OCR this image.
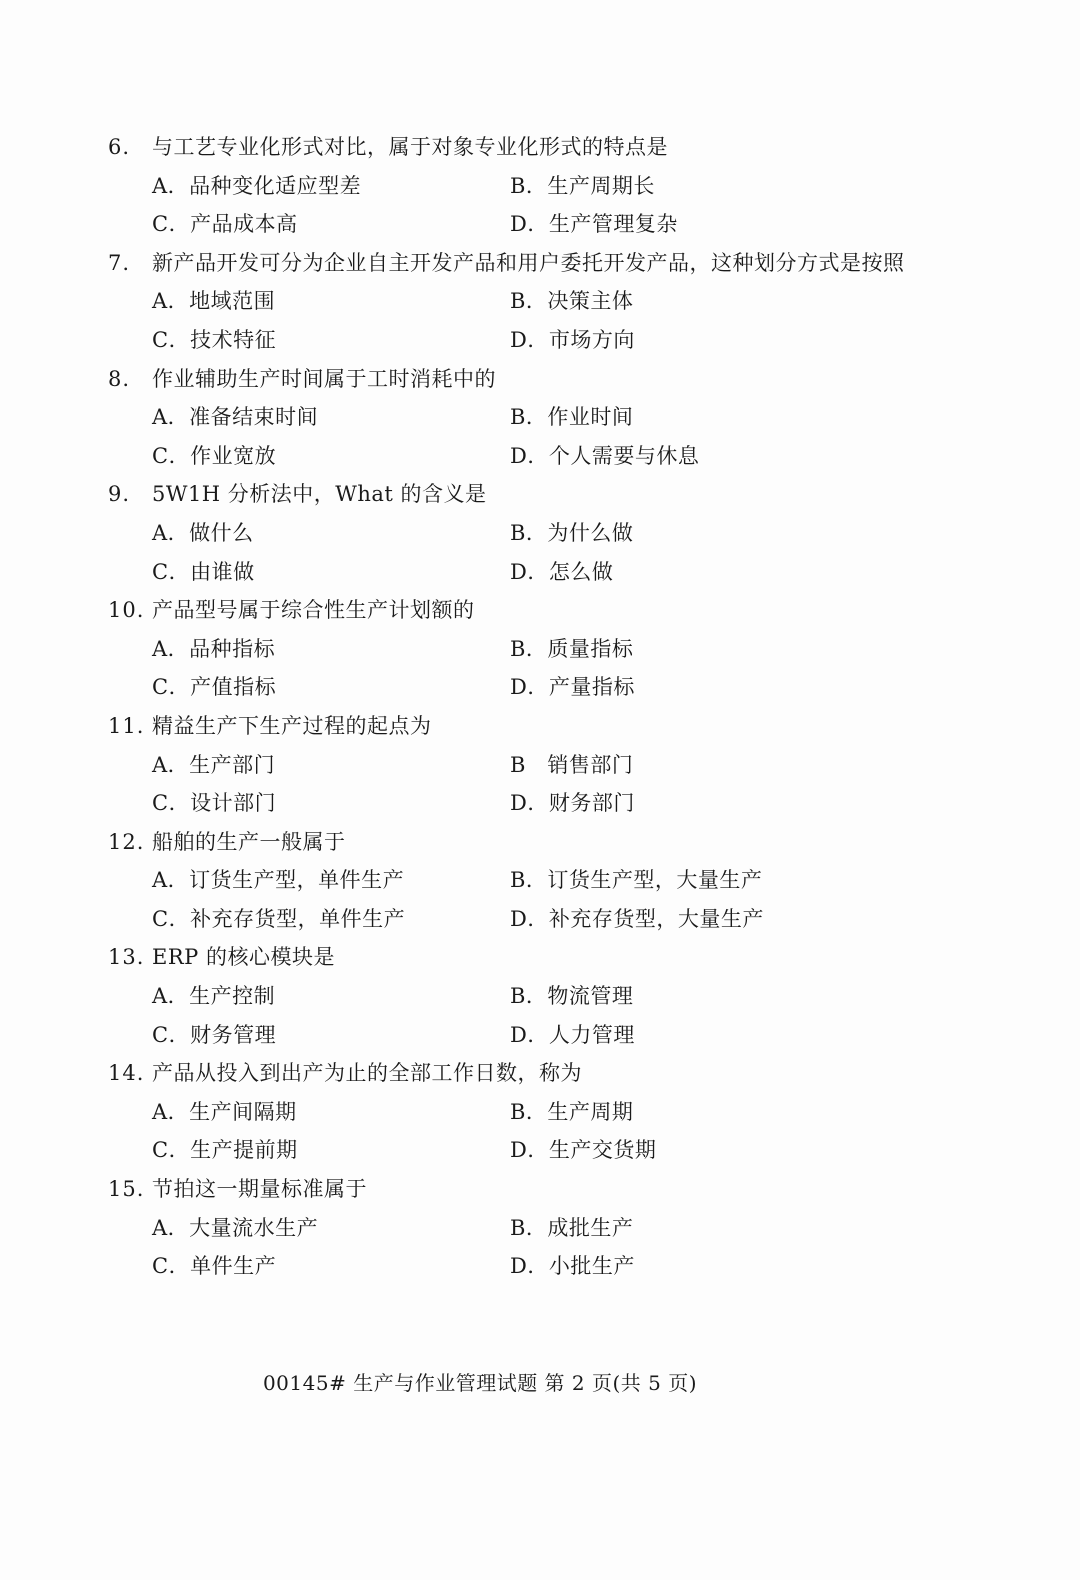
6.	与工艺专业化形式对比，属于对象专业化形式的特点是
A．品种变化适应型差	B．生产周期长
C．产品成本高	D．生产管理复杂
7.	新产品开发可分为企业自主开发产品和用户委托开发产品，这种划分方式是按照
A．地域范围	B．决策主体
C．技术特征	D．市场方向
8.	作业辅助生产时间属于工时消耗中的
A．准备结束时间	B．作业时间
C．作业宽放	D．个人需要与休息
9.	5W1H 分析法中，What 的含义是
A．做什么	B．为什么做
C．由谁做	D．怎么做
10. 产品型号属于综合性生产计划额的
A．品种指标	B．质量指标
C．产值指标	D．产量指标
11. 精益生产下生产过程的起点为
A．生产部门	B　销售部门
C．设计部门	D．财务部门
12. 船舶的生产一般属于
A．订货生产型，单件生产	B．订货生产型，大量生产
C．补充存货型，单件生产	D．补充存货型，大量生产
13. ERP 的核心模块是
A．生产控制	B．物流管理
C．财务管理	D．人力管理
14. 产品从投入到出产为止的全部工作日数，称为
A．生产间隔期	B．生产周期
C．生产提前期	D．生产交货期
15. 节拍这一期量标准属于
A．大量流水生产	B．成批生产
C．单件生产	D．小批生产
00145# 生产与作业管理试题 第 2 页(共 5 页)
